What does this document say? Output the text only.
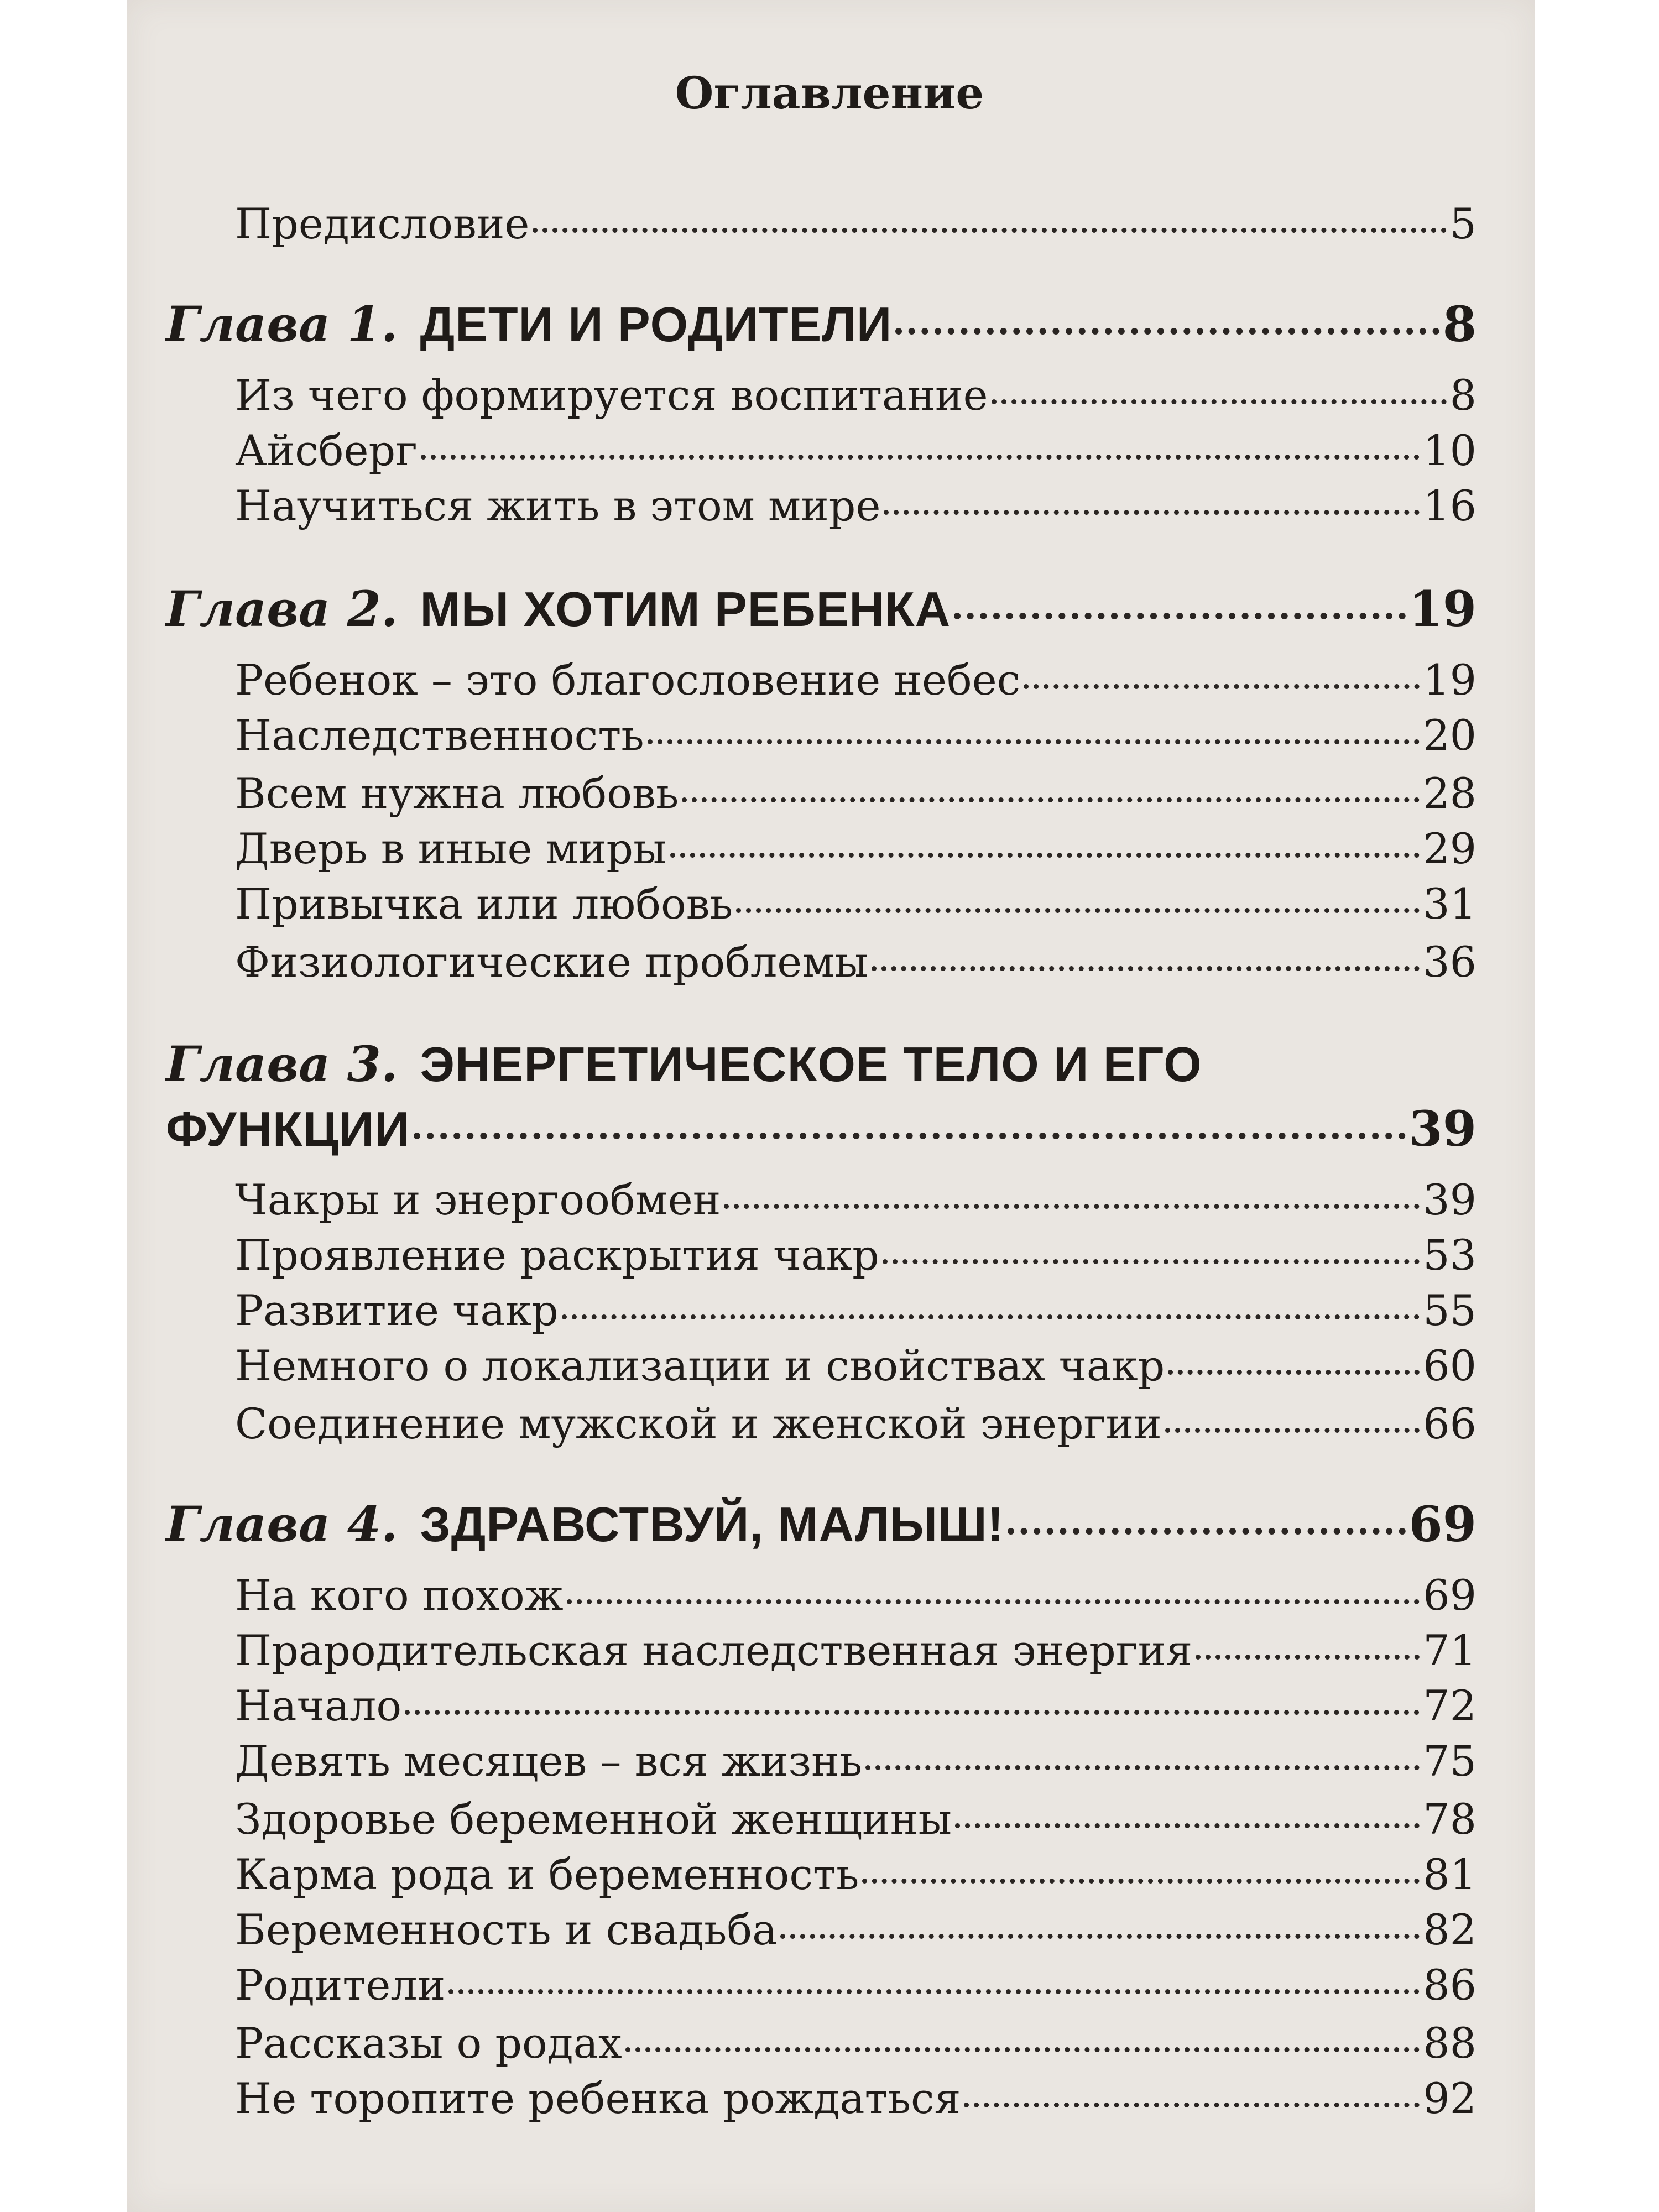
Оглавление
Предисловие	5
Глава 1. ДЕТИ И РОДИТЕЛИ	8
Из чего формируется воспитание	8
Айсберг	10
Научиться жить в этом мире	16
Глава 2. МЫ ХОТИМ РЕБЕНКА	19
Ребенок – это благословение небес	19
Наследственность	20
Всем нужна любовь	28
Дверь в иные миры	29
Привычка или любовь	31
Физиологические проблемы	36
Глава 3. ЭНЕРГЕТИЧЕСКОЕ ТЕЛО И ЕГО
ФУНКЦИИ	39
Чакры и энергообмен	39
Проявление раскрытия чакр	53
Развитие чакр	55
Немного о локализации и свойствах чакр	60
Соединение мужской и женской энергии	66
Глава 4. ЗДРАВСТВУЙ, МАЛЫШ!	69
На кого похож	69
Прародительская наследственная энергия	71
Начало	72
Девять месяцев – вся жизнь	75
Здоровье беременной женщины	78
Карма рода и беременность	81
Беременность и свадьба	82
Родители	86
Рассказы о родах	88
Не торопите ребенка рождаться	92
